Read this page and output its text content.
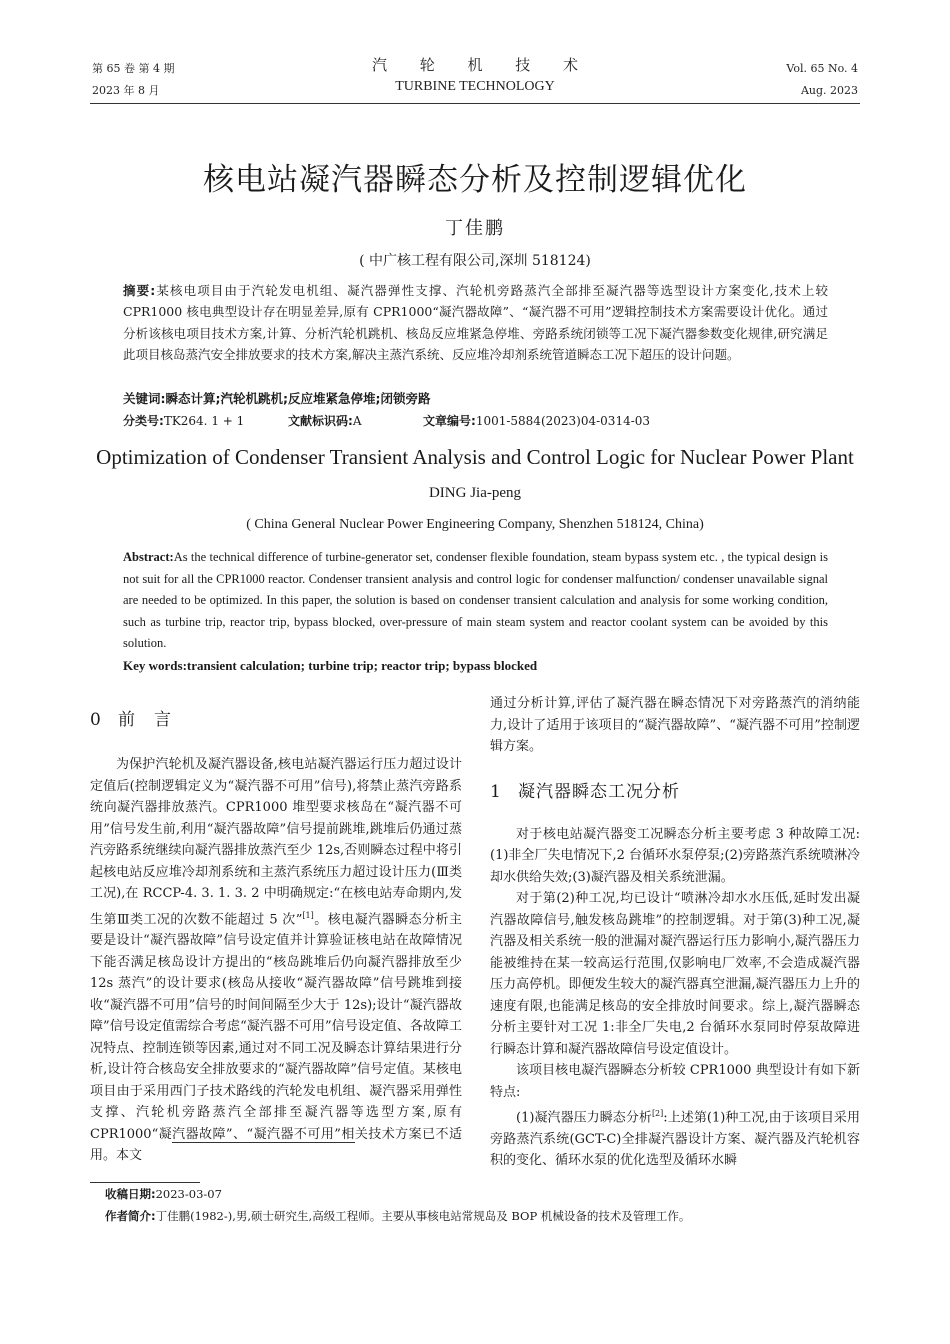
第 65 卷 第 4 期
2023 年 8 月
汽 轮 机 技 术
TURBINE TECHNOLOGY
Vol. 65 No. 4
Aug. 2023
核电站凝汽器瞬态分析及控制逻辑优化
丁佳鹏
( 中广核工程有限公司,深圳 518124)
摘要:某核电项目由于汽轮发电机组、凝汽器弹性支撑、汽轮机旁路蒸汽全部排至凝汽器等选型设计方案变化,技术上较 CPR1000 核电典型设计存在明显差异,原有 CPR1000“凝汽器故障”、“凝汽器不可用”逻辑控制技术方案需要设计优化。通过分析该核电项目技术方案,计算、分析汽轮机跳机、核岛反应堆紧急停堆、旁路系统闭锁等工况下凝汽器参数变化规律,研究满足此项目核岛蒸汽安全排放要求的技术方案,解决主蒸汽系统、反应堆冷却剂系统管道瞬态工况下超压的设计问题。
关键词:瞬态计算;汽轮机跳机;反应堆紧急停堆;闭锁旁路
分类号:TK264. 1 + 1	文献标识码:A	文章编号:1001-5884(2023)04-0314-03
Optimization of Condenser Transient Analysis and Control Logic for Nuclear Power Plant
DING Jia-peng
( China General Nuclear Power Engineering Company, Shenzhen 518124, China)
Abstract:As the technical difference of turbine-generator set, condenser flexible foundation, steam bypass system etc. , the typical design is not suit for all the CPR1000 reactor. Condenser transient analysis and control logic for condenser malfunction/ condenser unavailable signal are needed to be optimized. In this paper, the solution is based on condenser transient calculation and analysis for some working condition, such as turbine trip, reactor trip, bypass blocked, over-pressure of main steam system and reactor coolant system can be avoided by this solution.
Key words:transient calculation; turbine trip; reactor trip; bypass blocked
0 前　言

为保护汽轮机及凝汽器设备,核电站凝汽器运行压力超过设计定值后(控制逻辑定义为“凝汽器不可用”信号),将禁止蒸汽旁路系统向凝汽器排放蒸汽。CPR1000 堆型要求核岛在“凝汽器不可用”信号发生前,利用“凝汽器故障”信号提前跳堆,跳堆后仍通过蒸汽旁路系统继续向凝汽器排放蒸汽至少 12s,否则瞬态过程中将引起核电站反应堆冷却剂系统和主蒸汽系统压力超过设计压力(Ⅲ类工况),在 RCCP-4. 3. 1. 3. 2 中明确规定:“在核电站寿命期内,发生第Ⅲ类工况的次数不能超过 5 次”[1]。核电凝汽器瞬态分析主要是设计“凝汽器故障”信号设定值并计算验证核电站在故障情况下能否满足核岛设计方提出的“核岛跳堆后仍向凝汽器排放至少 12s 蒸汽”的设计要求(核岛从接收“凝汽器故障”信号跳堆到接收“凝汽器不可用”信号的时间间隔至少大于 12s);设计“凝汽器故障”信号设定值需综合考虑“凝汽器不可用”信号设定值、各故障工况特点、控制连锁等因素,通过对不同工况及瞬态计算结果进行分析,设计符合核岛安全排放要求的“凝汽器故障”信号定值。某核电项目由于采用西门子技术路线的汽轮发电机组、凝汽器采用弹性支撑、汽轮机旁路蒸汽全部排至凝汽器等选型方案,原有 CPR1000“凝汽器故障”、“凝汽器不可用”相关技术方案已不适用。本文

通过分析计算,评估了凝汽器在瞬态情况下对旁路蒸汽的消纳能力,设计了适用于该项目的“凝汽器故障”、“凝汽器不可用”控制逻辑方案。

1 凝汽器瞬态工况分析

对于核电站凝汽器变工况瞬态分析主要考虑 3 种故障工况:(1)非全厂失电情况下,2 台循环水泵停泵;(2)旁路蒸汽系统喷淋冷却水供给失效;(3)凝汽器及相关系统泄漏。

对于第(2)种工况,均已设计“喷淋冷却水水压低,延时发出凝汽器故障信号,触发核岛跳堆”的控制逻辑。对于第(3)种工况,凝汽器及相关系统一般的泄漏对凝汽器运行压力影响小,凝汽器压力能被维持在某一较高运行范围,仅影响电厂效率,不会造成凝汽器压力高停机。即便发生较大的凝汽器真空泄漏,凝汽器压力上升的速度有限,也能满足核岛的安全排放时间要求。综上,凝汽器瞬态分析主要针对工况 1:非全厂失电,2 台循环水泵同时停泵故障进行瞬态计算和凝汽器故障信号设定值设计。

该项目核电凝汽器瞬态分析较 CPR1000 典型设计有如下新特点:

(1)凝汽器压力瞬态分析[2]:上述第(1)种工况,由于该项目采用旁路蒸汽系统(GCT-C)全排凝汽器设计方案、凝汽器及汽轮机容积的变化、循环水泵的优化选型及循环水瞬

收稿日期:2023-03-07
作者简介:丁佳鹏(1982-),男,硕士研究生,高级工程师。主要从事核电站常规岛及 BOP 机械设备的技术及管理工作。
